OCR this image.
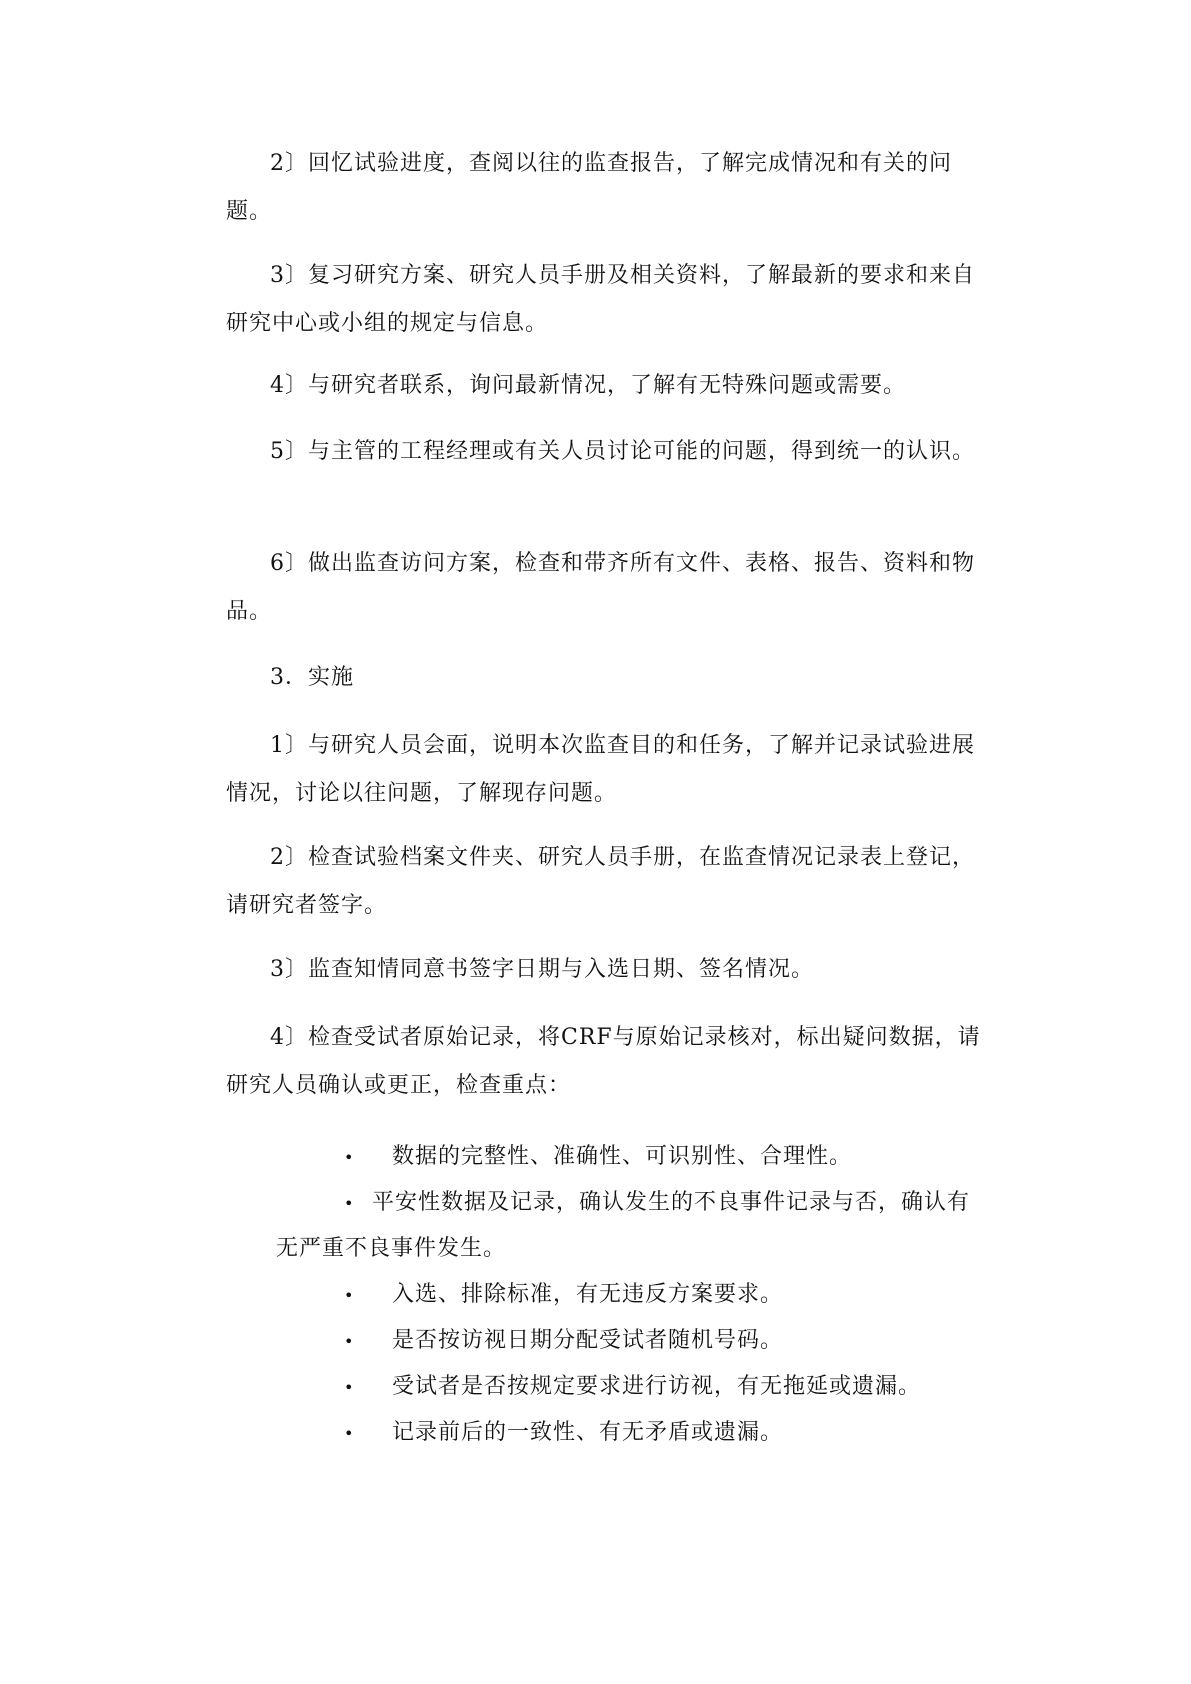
2〕回忆试验进度，查阅以往的监查报告，了解完成情况和有关的问题。

3〕复习研究方案、研究人员手册及相关资料，了解最新的要求和来自研究中心或小组的规定与信息。

4〕与研究者联系，询问最新情况，了解有无特殊问题或需要。

5〕与主管的工程经理或有关人员讨论可能的问题，得到统一的认识。

6〕做出监查访问方案，检查和带齐所有文件、表格、报告、资料和物品。

3．实施

1〕与研究人员会面，说明本次监查目的和任务，了解并记录试验进展情况，讨论以往问题，了解现存问题。

2〕检查试验档案文件夹、研究人员手册，在监查情况记录表上登记，请研究者签字。

3〕监查知情同意书签字日期与入选日期、签名情况。

4〕检查受试者原始记录，将CRF与原始记录核对，标出疑问数据，请研究人员确认或更正，检查重点：

• 数据的完整性、准确性、可识别性、合理性。
• 平安性数据及记录，确认发生的不良事件记录与否，确认有无严重不良事件发生。
• 入选、排除标准，有无违反方案要求。
• 是否按访视日期分配受试者随机号码。
• 受试者是否按规定要求进行访视，有无拖延或遗漏。
• 记录前后的一致性、有无矛盾或遗漏。
